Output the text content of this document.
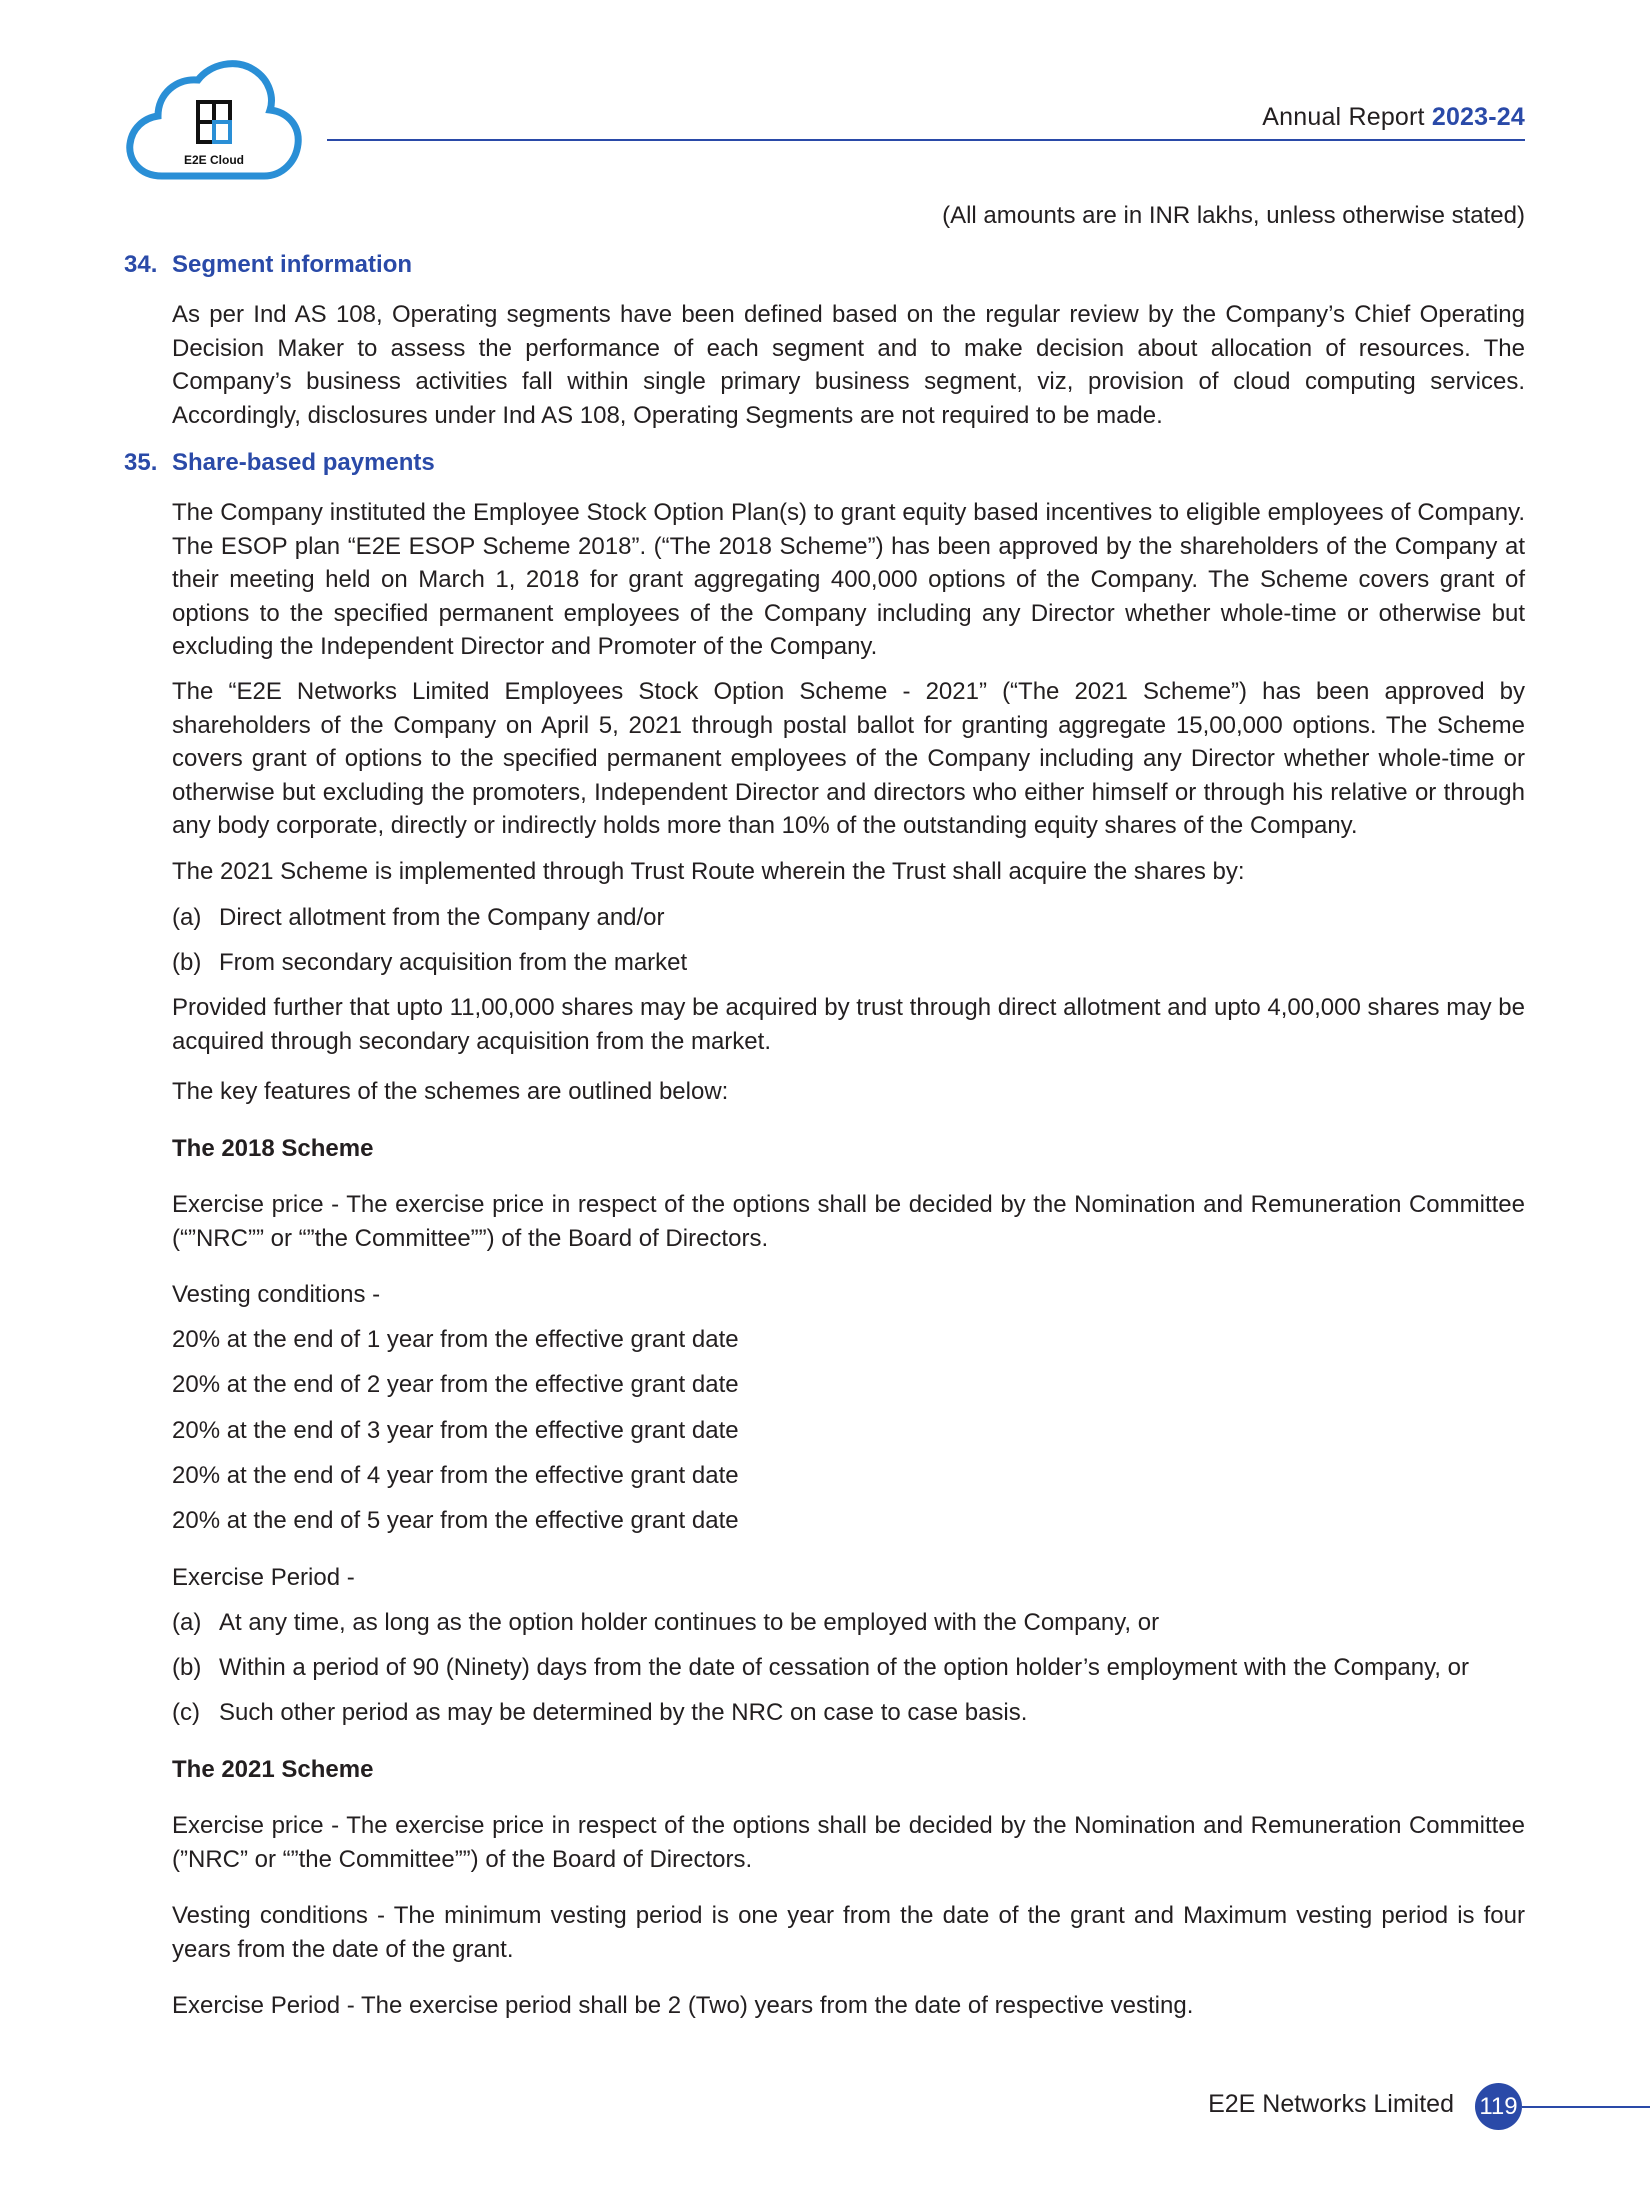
E2E Cloud
Annual Report 2023-24
(All amounts are in INR lakhs, unless otherwise stated)
34. Segment information

As per Ind AS 108, Operating segments have been defined based on the regular review by the Company’s Chief Operating Decision Maker to assess the performance of each segment and to make decision about allocation of resources. The Company’s business activities fall within single primary business segment, viz, provision of cloud computing services. Accordingly, disclosures under Ind AS 108, Operating Segments are not required to be made.

35. Share-based payments

The Company instituted the Employee Stock Option Plan(s) to grant equity based incentives to eligible employees of Company. The ESOP plan “E2E ESOP Scheme 2018”. (“The 2018 Scheme”) has been approved by the shareholders of the Company at their meeting held on March 1, 2018 for grant aggregating 400,000 options of the Company. The Scheme covers grant of options to the specified permanent employees of the Company including any Director whether whole-time or otherwise but excluding the Independent Director and Promoter of the Company.

The “E2E Networks Limited Employees Stock Option Scheme - 2021” (“The 2021 Scheme”) has been approved by shareholders of the Company on April 5, 2021 through postal ballot for granting aggregate 15,00,000 options. The Scheme covers grant of options to the specified permanent employees of the Company including any Director whether whole-time or otherwise but excluding the promoters, Independent Director and directors who either himself or through his relative or through any body corporate, directly or indirectly holds more than 10% of the outstanding equity shares of the Company.

The 2021 Scheme is implemented through Trust Route wherein the Trust shall acquire the shares by:
(a) Direct allotment from the Company and/or
(b) From secondary acquisition from the market

Provided further that upto 11,00,000 shares may be acquired by trust through direct allotment and upto 4,00,000 shares may be acquired through secondary acquisition from the market.

The key features of the schemes are outlined below:
The 2018 Scheme

Exercise price - The exercise price in respect of the options shall be decided by the Nomination and Remuneration Committee (“”NRC”” or “”the Committee””) of the Board of Directors.

Vesting conditions -
20% at the end of 1 year from the effective grant date
20% at the end of 2 year from the effective grant date
20% at the end of 3 year from the effective grant date
20% at the end of 4 year from the effective grant date
20% at the end of 5 year from the effective grant date
Exercise Period -
(a) At any time, as long as the option holder continues to be employed with the Company, or
(b) Within a period of 90 (Ninety) days from the date of cessation of the option holder’s employment with the Company, or
(c) Such other period as may be determined by the NRC on case to case basis.
The 2021 Scheme

Exercise price - The exercise price in respect of the options shall be decided by the Nomination and Remuneration Committee (”NRC” or “”the Committee””) of the Board of Directors.

Vesting conditions - The minimum vesting period is one year from the date of the grant and Maximum vesting period is four years from the date of the grant.

Exercise Period - The exercise period shall be 2 (Two) years from the date of respective vesting.
E2E Networks Limited 119
